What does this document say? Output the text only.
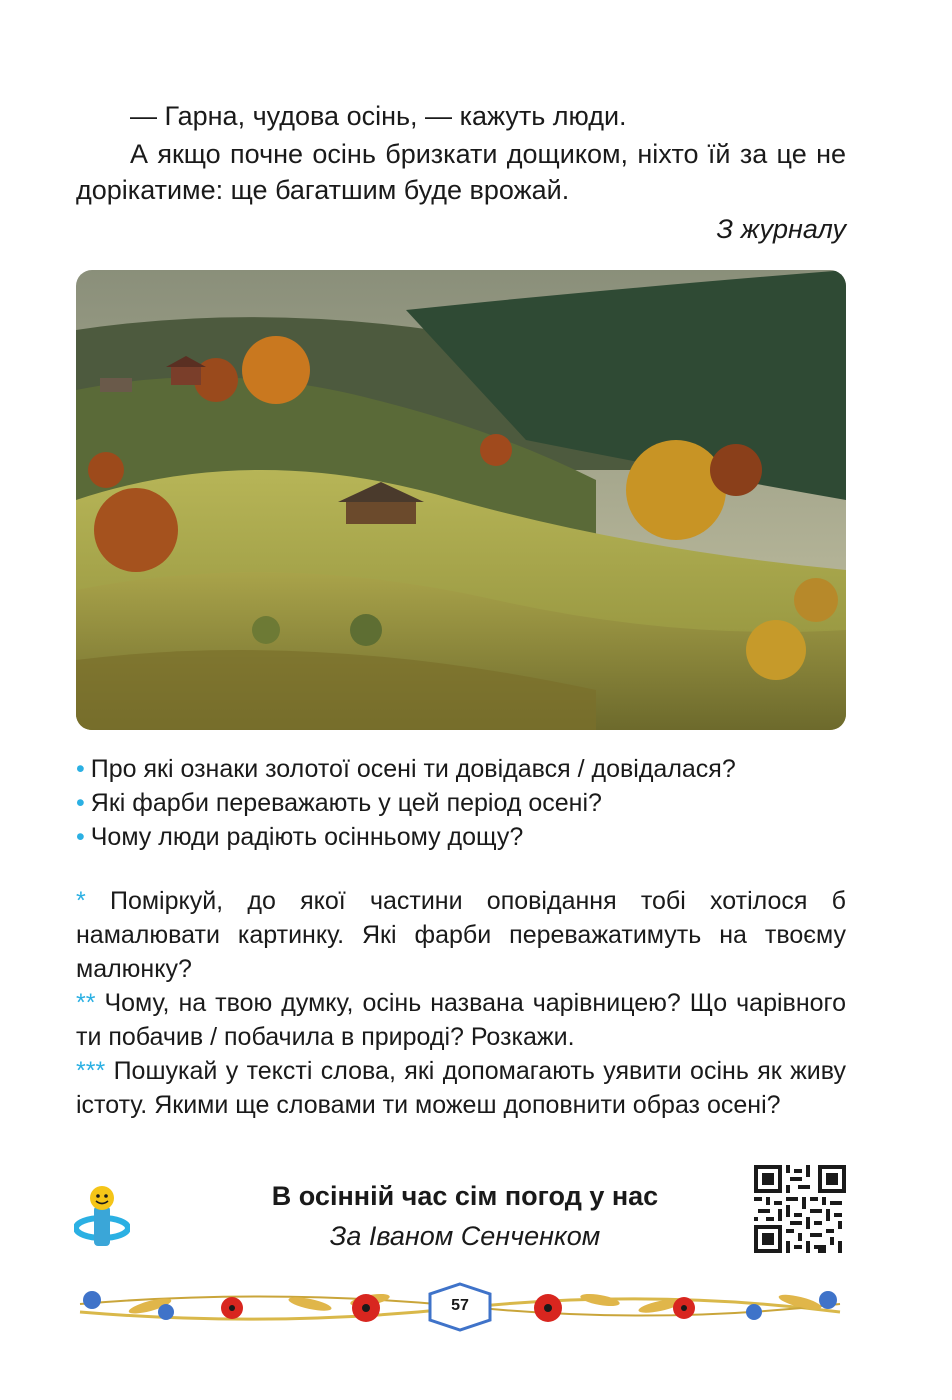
— Гарна, чудова осінь, — кажуть люди.

А якщо почне осінь бризкати дощиком, ніхто їй за це не дорікатиме: ще багатшим буде врожай.

З журналу
• Про які ознаки золотої осені ти довідався / довідалася?
• Які фарби переважають у цей період осені?
• Чому люди радіють осінньому дощу?

* Поміркуй, до якої частини оповідання тобі хотілося б намалювати картинку. Які фарби переважатимуть на твоєму малюнку?

** Чому, на твою думку, осінь названа чарівницею? Що чарівного ти побачив / побачила в природі? Розкажи.

*** Пошукай у тексті слова, які допомагають уявити осінь як живу істоту. Якими ще словами ти можеш доповнити образ осені?

В осінній час сім погод у нас
За Іваном Сенченком
57
